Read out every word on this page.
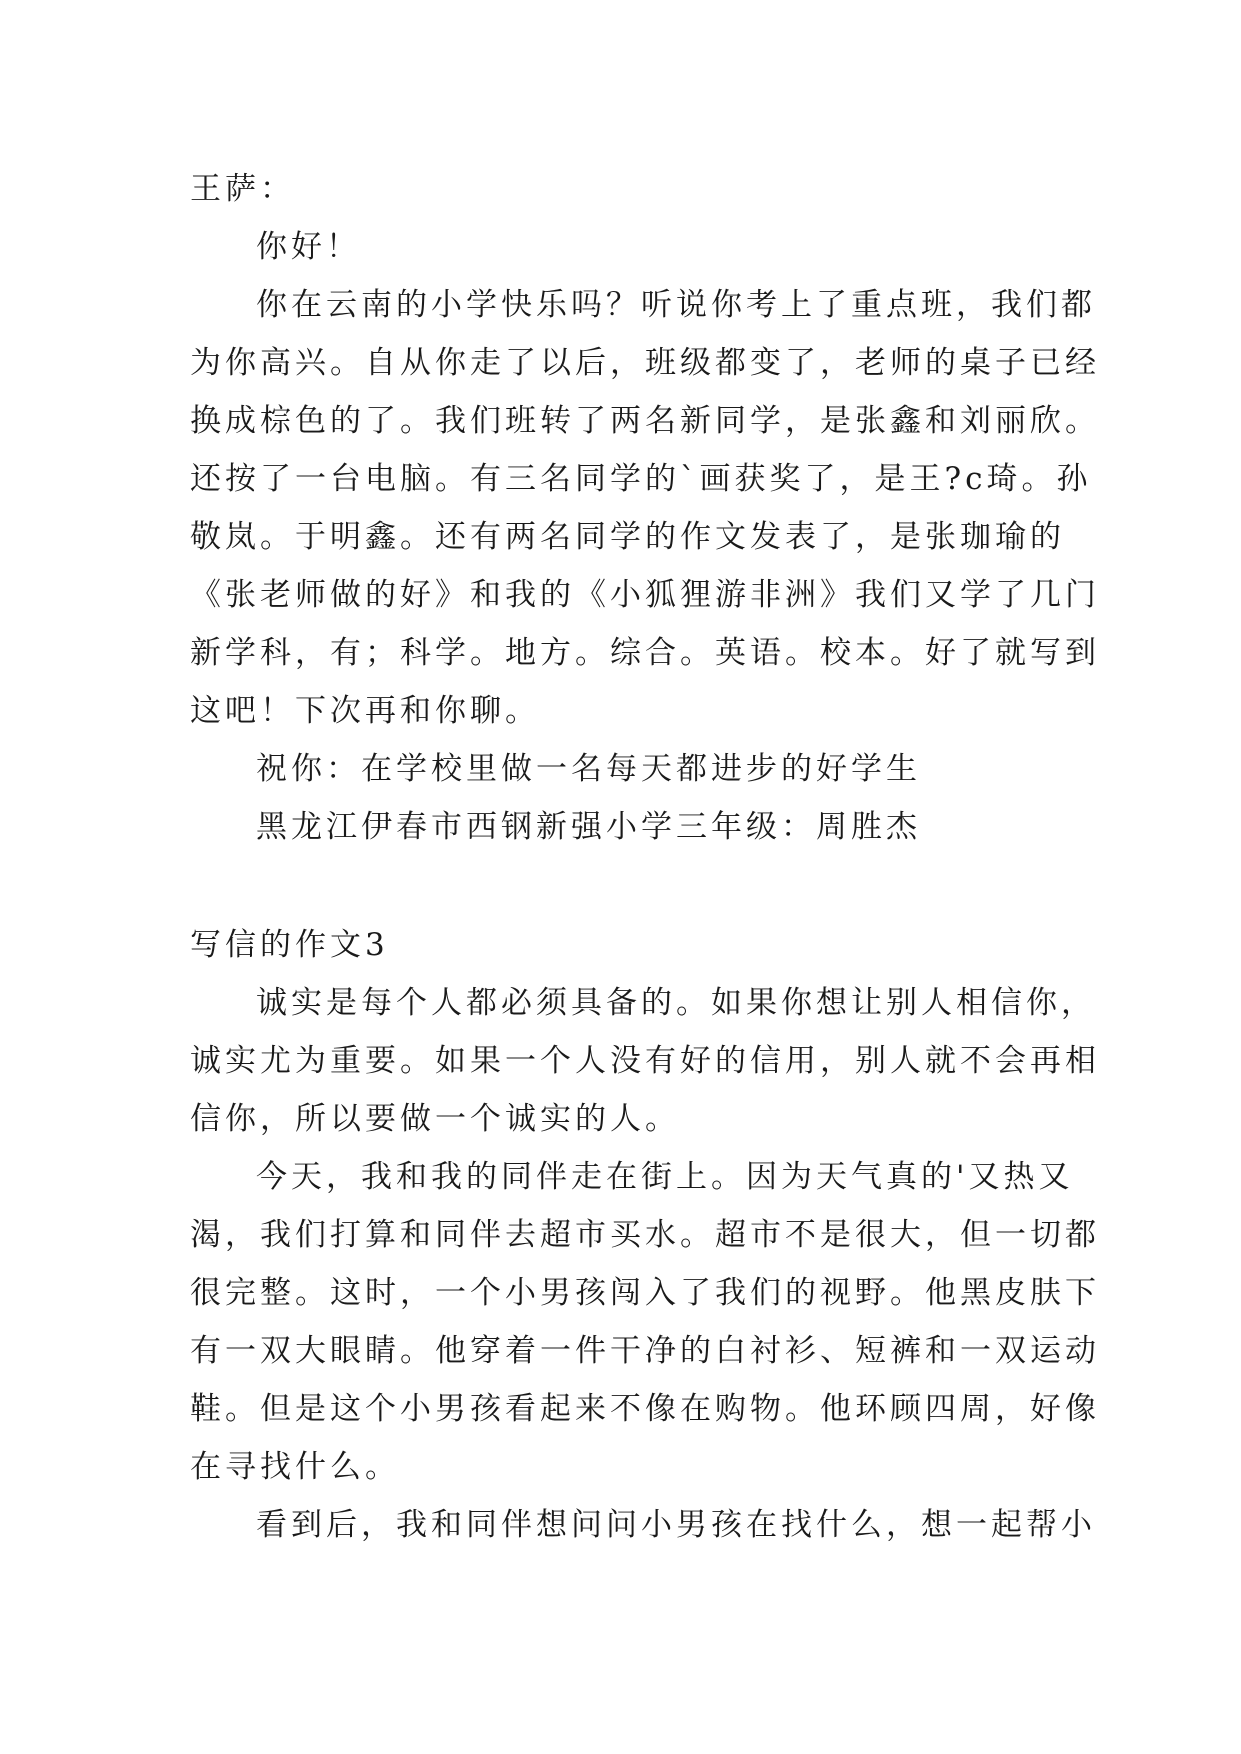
王萨：
你好！
你在云南的小学快乐吗？听说你考上了重点班，我们都
为你高兴。自从你走了以后，班级都变了，老师的桌子已经
换成棕色的了。我们班转了两名新同学，是张鑫和刘丽欣。
还按了一台电脑。有三名同学的`画获奖了，是王?c琦。孙
敬岚。于明鑫。还有两名同学的作文发表了，是张珈瑜的
《张老师做的好》和我的《小狐狸游非洲》我们又学了几门
新学科，有；科学。地方。综合。英语。校本。好了就写到
这吧！下次再和你聊。
祝你：在学校里做一名每天都进步的好学生
黑龙江伊春市西钢新强小学三年级：周胜杰
写信的作文3
诚实是每个人都必须具备的。如果你想让别人相信你，
诚实尤为重要。如果一个人没有好的信用，别人就不会再相
信你，所以要做一个诚实的人。
今天，我和我的同伴走在街上。因为天气真的'又热又
渴，我们打算和同伴去超市买水。超市不是很大，但一切都
很完整。这时，一个小男孩闯入了我们的视野。他黑皮肤下
有一双大眼睛。他穿着一件干净的白衬衫、短裤和一双运动
鞋。但是这个小男孩看起来不像在购物。他环顾四周，好像
在寻找什么。
看到后，我和同伴想问问小男孩在找什么，想一起帮小
